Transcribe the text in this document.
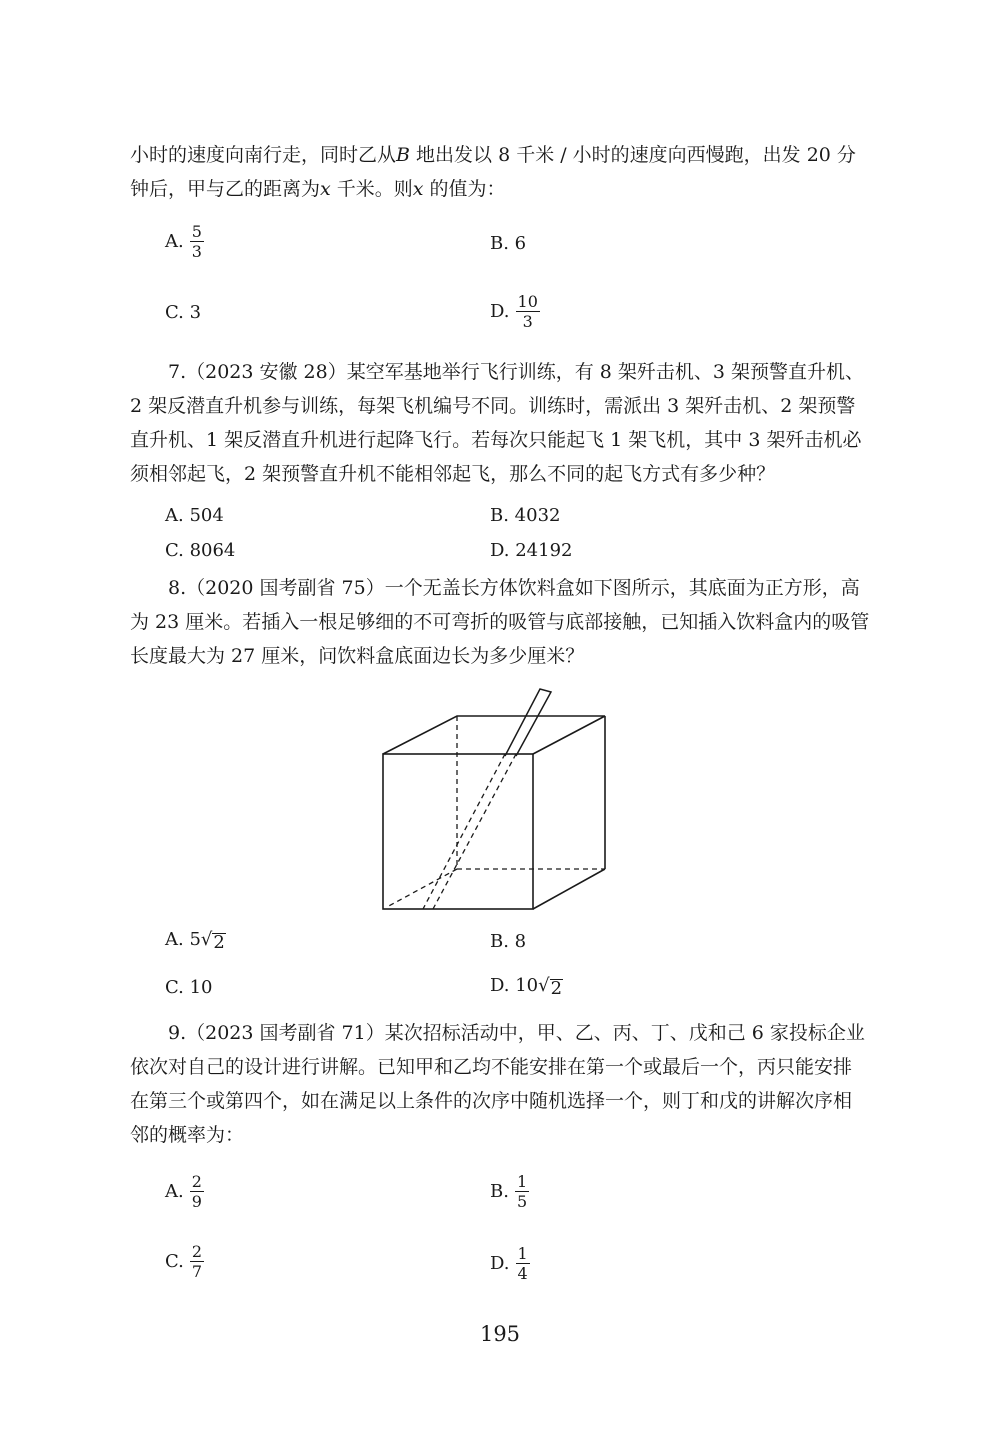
小时的速度向南行走，同时乙从B 地出发以 8 千米 / 小时的速度向西慢跑，出发 20 分钟后，甲与乙的距离为x 千米。则x 的值为：

A. $\frac{5}{3}$	B. 6
C. 3	D. $\frac{10}{3}$

7.（2023 安徽 28）某空军基地举行飞行训练，有 8 架歼击机、3 架预警直升机、2 架反潜直升机参与训练，每架飞机编号不同。训练时，需派出 3 架歼击机、2 架预警直升机、1 架反潜直升机进行起降飞行。若每次只能起飞 1 架飞机，其中 3 架歼击机必须相邻起飞，2 架预警直升机不能相邻起飞，那么不同的起飞方式有多少种？

A. 504	B. 4032
C. 8064	D. 24192

8.（2020 国考副省 75）一个无盖长方体饮料盒如下图所示，其底面为正方形，高为 23 厘米。若插入一根足够细的不可弯折的吸管与底部接触，已知插入饮料盒内的吸管长度最大为 27 厘米，问饮料盒底面边长为多少厘米？

A. 5 √ 2	B. 8
C. 10	D. 10 √ 2

9.（2023 国考副省 71）某次招标活动中，甲、乙、丙、丁、戊和己 6 家投标企业依次对自己的设计进行讲解。已知甲和乙均不能安排在第一个或最后一个，丙只能安排在第三个或第四个，如在满足以上条件的次序中随机选择一个，则丁和戊的讲解次序相邻的概率为：

A. $\frac{2}{9}$	B. $\frac{1}{5}$
C. $\frac{2}{7}$	D. $\frac{1}{4}$
195
